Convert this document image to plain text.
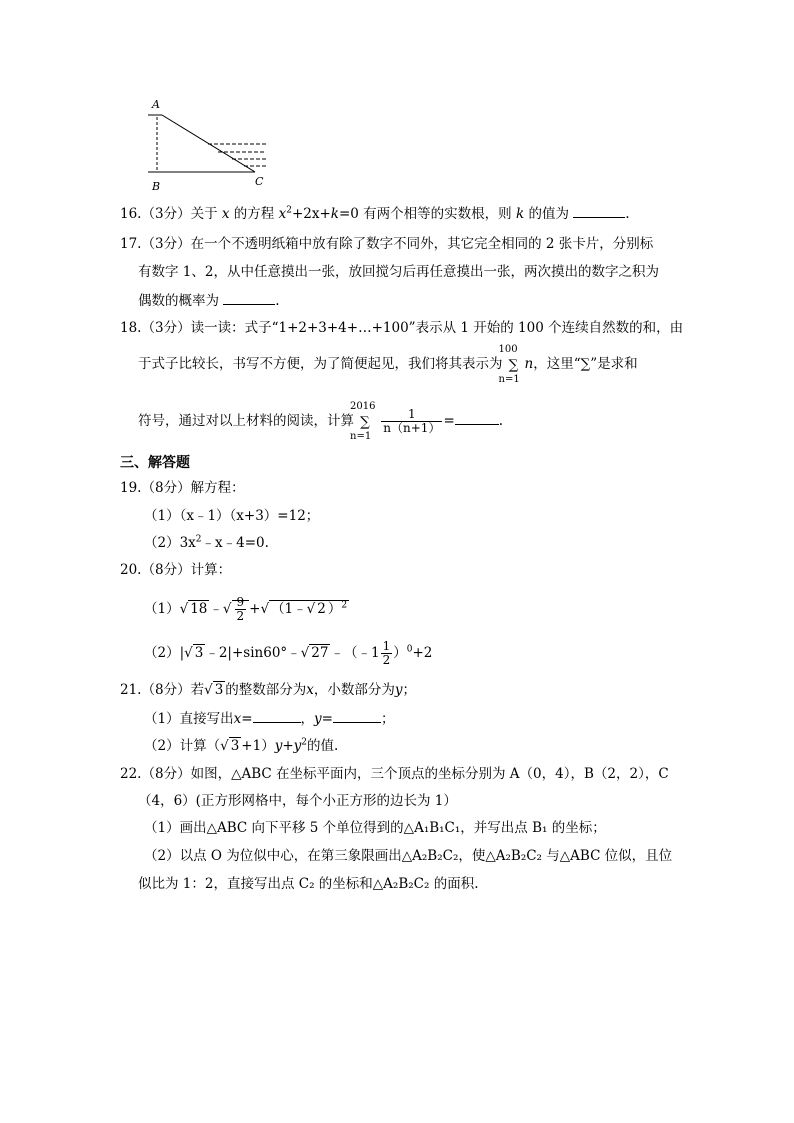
A
B	C
16.（3分）关于 x 的方程 $x^2+2x+k=0$ 有两个相等的实数根，则 k 的值为	.
17.（3分）在一个不透明纸箱中放有除了数字不同外，其它完全相同的 2 张卡片，分别标
有数字 1、2，从中任意摸出一张，放回搅匀后再任意摸出一张，两次摸出的数字之积为
偶数的概率为	.
18.（3分）读一读：式子“1+2+3+4+…+100”表示从 1 开始的 100 个连续自然数的和，由
于式子比较长，书写不方便，为了简便起见，我们将其表示为
100
∑
n=1
n，这里“∑”是求和
符号，通过对以上材料的阅读，计算
2016
∑
n=1

$\frac{1}{n(n+1)}$ =	.
三、解答题
19.（8分）解方程：
（1）（x﹣1）（x+3）=12；
$(2)3x^2﹣x﹣4=0$.
20.（8分）计算：
（1）√ 18 ﹣√ $\frac{9}{2}$ +√ （1﹣√ 2 ）$^2$
（2）|√ 3 ﹣2|+sin60°﹣√ 27 ﹣（﹣1 $\frac{1}{2} )^0+2$
21.（8分）若√ 3 的整数部分为x，小数部分为y；
（1）直接写出x=	，y=	；
（2）计算（√ $3 +1)y+y^2$的值.
22.（8分）如图，△ABC 在坐标平面内，三个顶点的坐标分别为 A（0，4），B（2，2），C
（4，6）(正方形网格中，每个小正方形的边长为 1）
（1）画出△ABC 向下平移 5 个单位得到的△A₁B₁C₁，并写出点 B₁ 的坐标；
（2）以点 O 为位似中心，在第三象限画出△A₂B₂C₂，使△A₂B₂C₂ 与△ABC 位似，且位
似比为 1：2，直接写出点 C₂ 的坐标和△A₂B₂C₂ 的面积.
